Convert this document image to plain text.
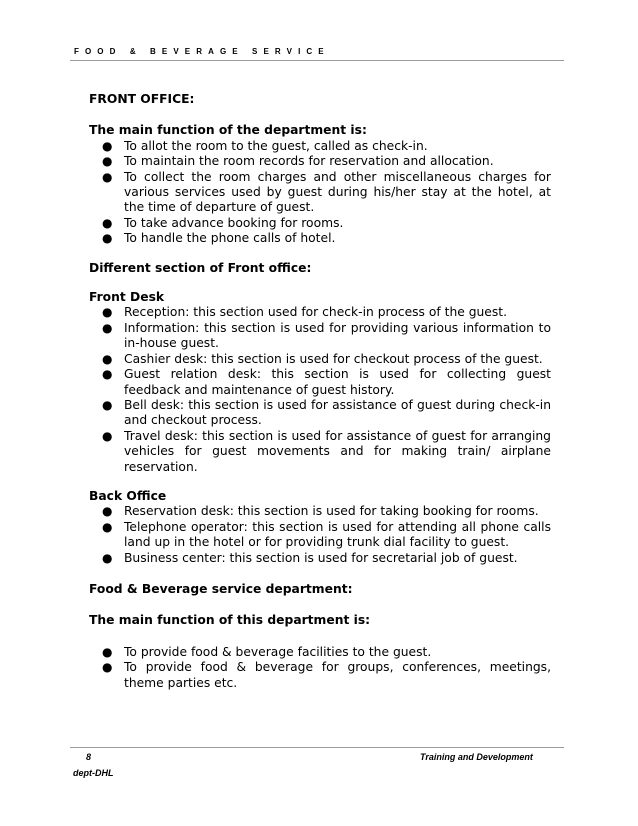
FOOD & BEVERAGE SERVICE

FRONT OFFICE:

The main function of the department is:

● To allot the room to the guest, called as check-in.
● To maintain the room records for reservation and allocation.
● To collect the room charges and other miscellaneous charges for various services used by guest during his/her stay at the hotel, at the time of departure of guest.
● To take advance booking for rooms.
● To handle the phone calls of hotel.

Different section of Front office:

Front Desk

● Reception: this section used for check-in process of the guest.
● Information: this section is used for providing various information to in-house guest.
● Cashier desk: this section is used for checkout process of the guest.
● Guest relation desk: this section is used for collecting guest feedback and maintenance of guest history.
● Bell desk: this section is used for assistance of guest during check-in and checkout process.
● Travel desk: this section is used for assistance of guest for arranging vehicles for guest movements and for making train/ airplane reservation.

Back Office

● Reservation desk: this section is used for taking booking for rooms.
● Telephone operator: this section is used for attending all phone calls land up in the hotel or for providing trunk dial facility to guest.
● Business center: this section is used for secretarial job of guest.

Food & Beverage service department:

The main function of this department is:

● To provide food & beverage facilities to the guest.
● To provide food & beverage for groups, conferences, meetings, theme parties etc.
8	Training and Development
dept-DHL
